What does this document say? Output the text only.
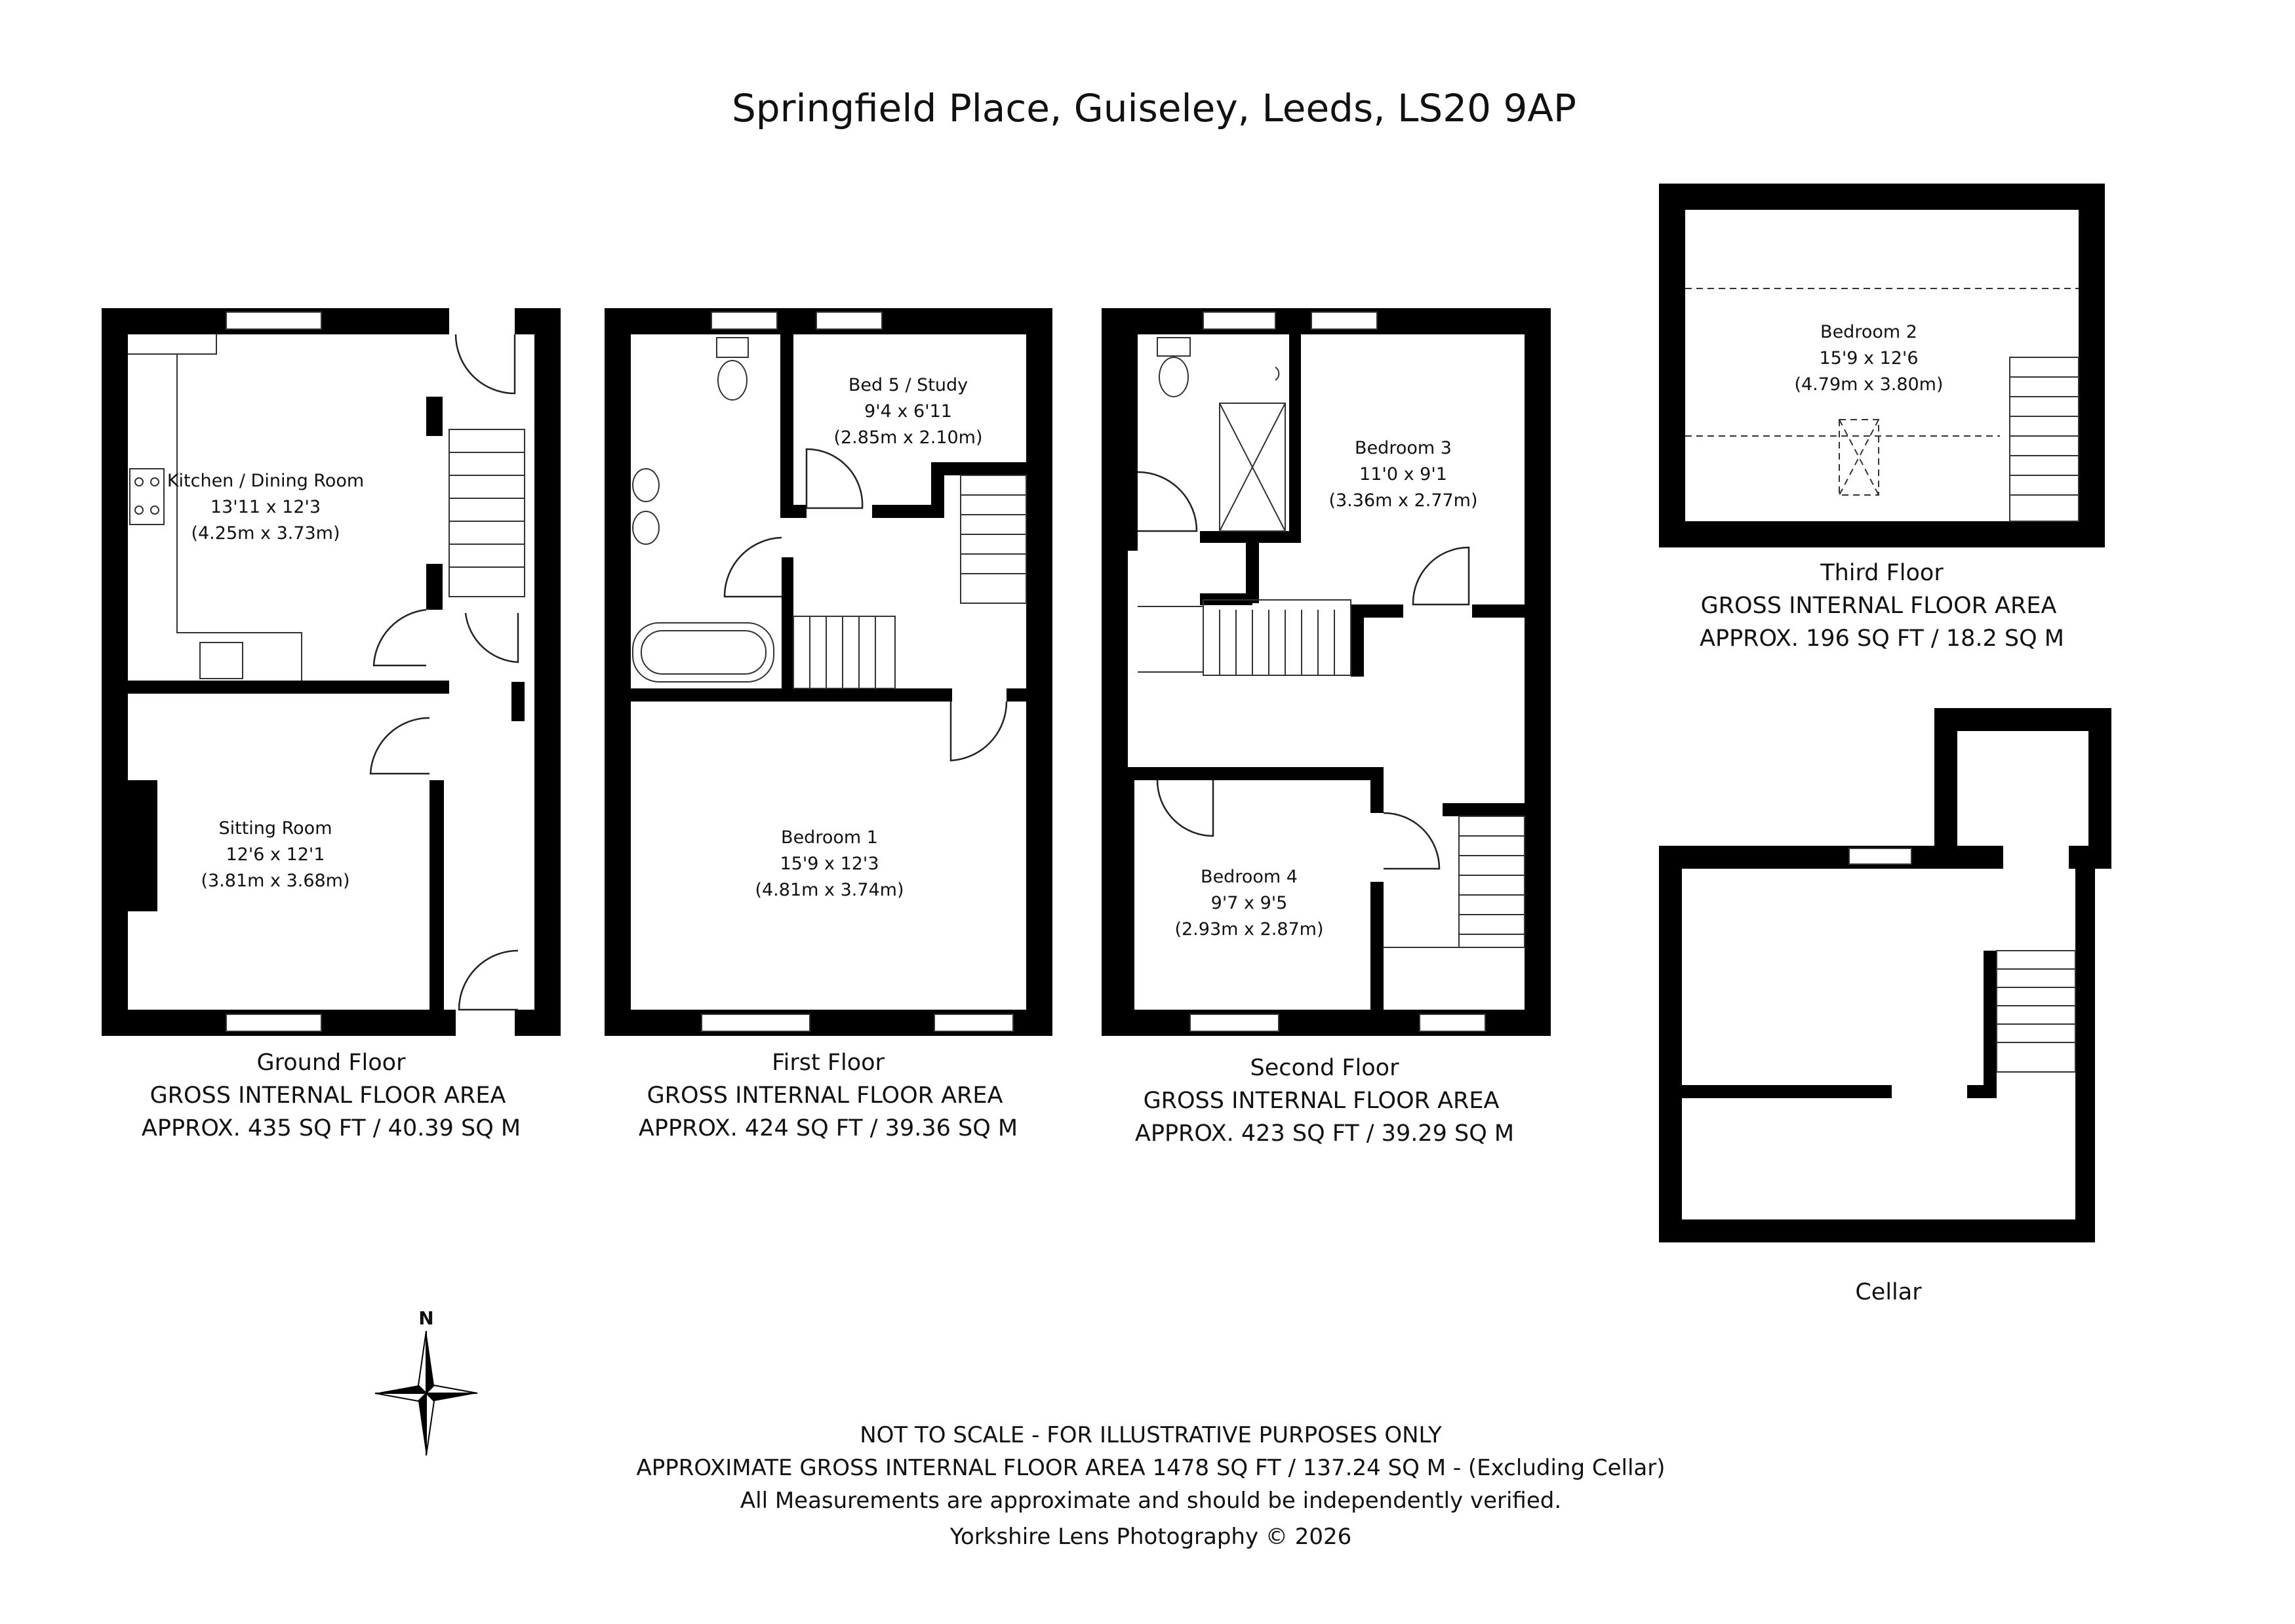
Springfield Place, Guiseley, Leeds, LS20 9AP
Kitchen / Dining Room
13'11 x 12'3
(4.25m x 3.73m)
Sitting Room
12'6 x 12'1
(3.81m x 3.68m)
Ground Floor
GROSS INTERNAL FLOOR AREA
APPROX. 435 SQ FT / 40.39 SQ M
Bed 5 / Study
9'4 x 6'11
(2.85m x 2.10m)
Bedroom 1
15'9 x 12'3
(4.81m x 3.74m)
First Floor
GROSS INTERNAL FLOOR AREA
APPROX. 424 SQ FT / 39.36 SQ M
Bedroom 3
11'0 x 9'1
(3.36m x 2.77m)
Bedroom 4
9'7 x 9'5
(2.93m x 2.87m)
Second Floor
GROSS INTERNAL FLOOR AREA
APPROX. 423 SQ FT / 39.29 SQ M
Bedroom 2
15'9 x 12'6
(4.79m x 3.80m)
Third Floor
GROSS INTERNAL FLOOR AREA
APPROX. 196 SQ FT / 18.2 SQ M
Cellar
N
NOT TO SCALE - FOR ILLUSTRATIVE PURPOSES ONLY
APPROXIMATE GROSS INTERNAL FLOOR AREA 1478 SQ FT / 137.24 SQ M - (Excluding Cellar)
All Measurements are approximate and should be independently verified.
Yorkshire Lens Photography © 2026
